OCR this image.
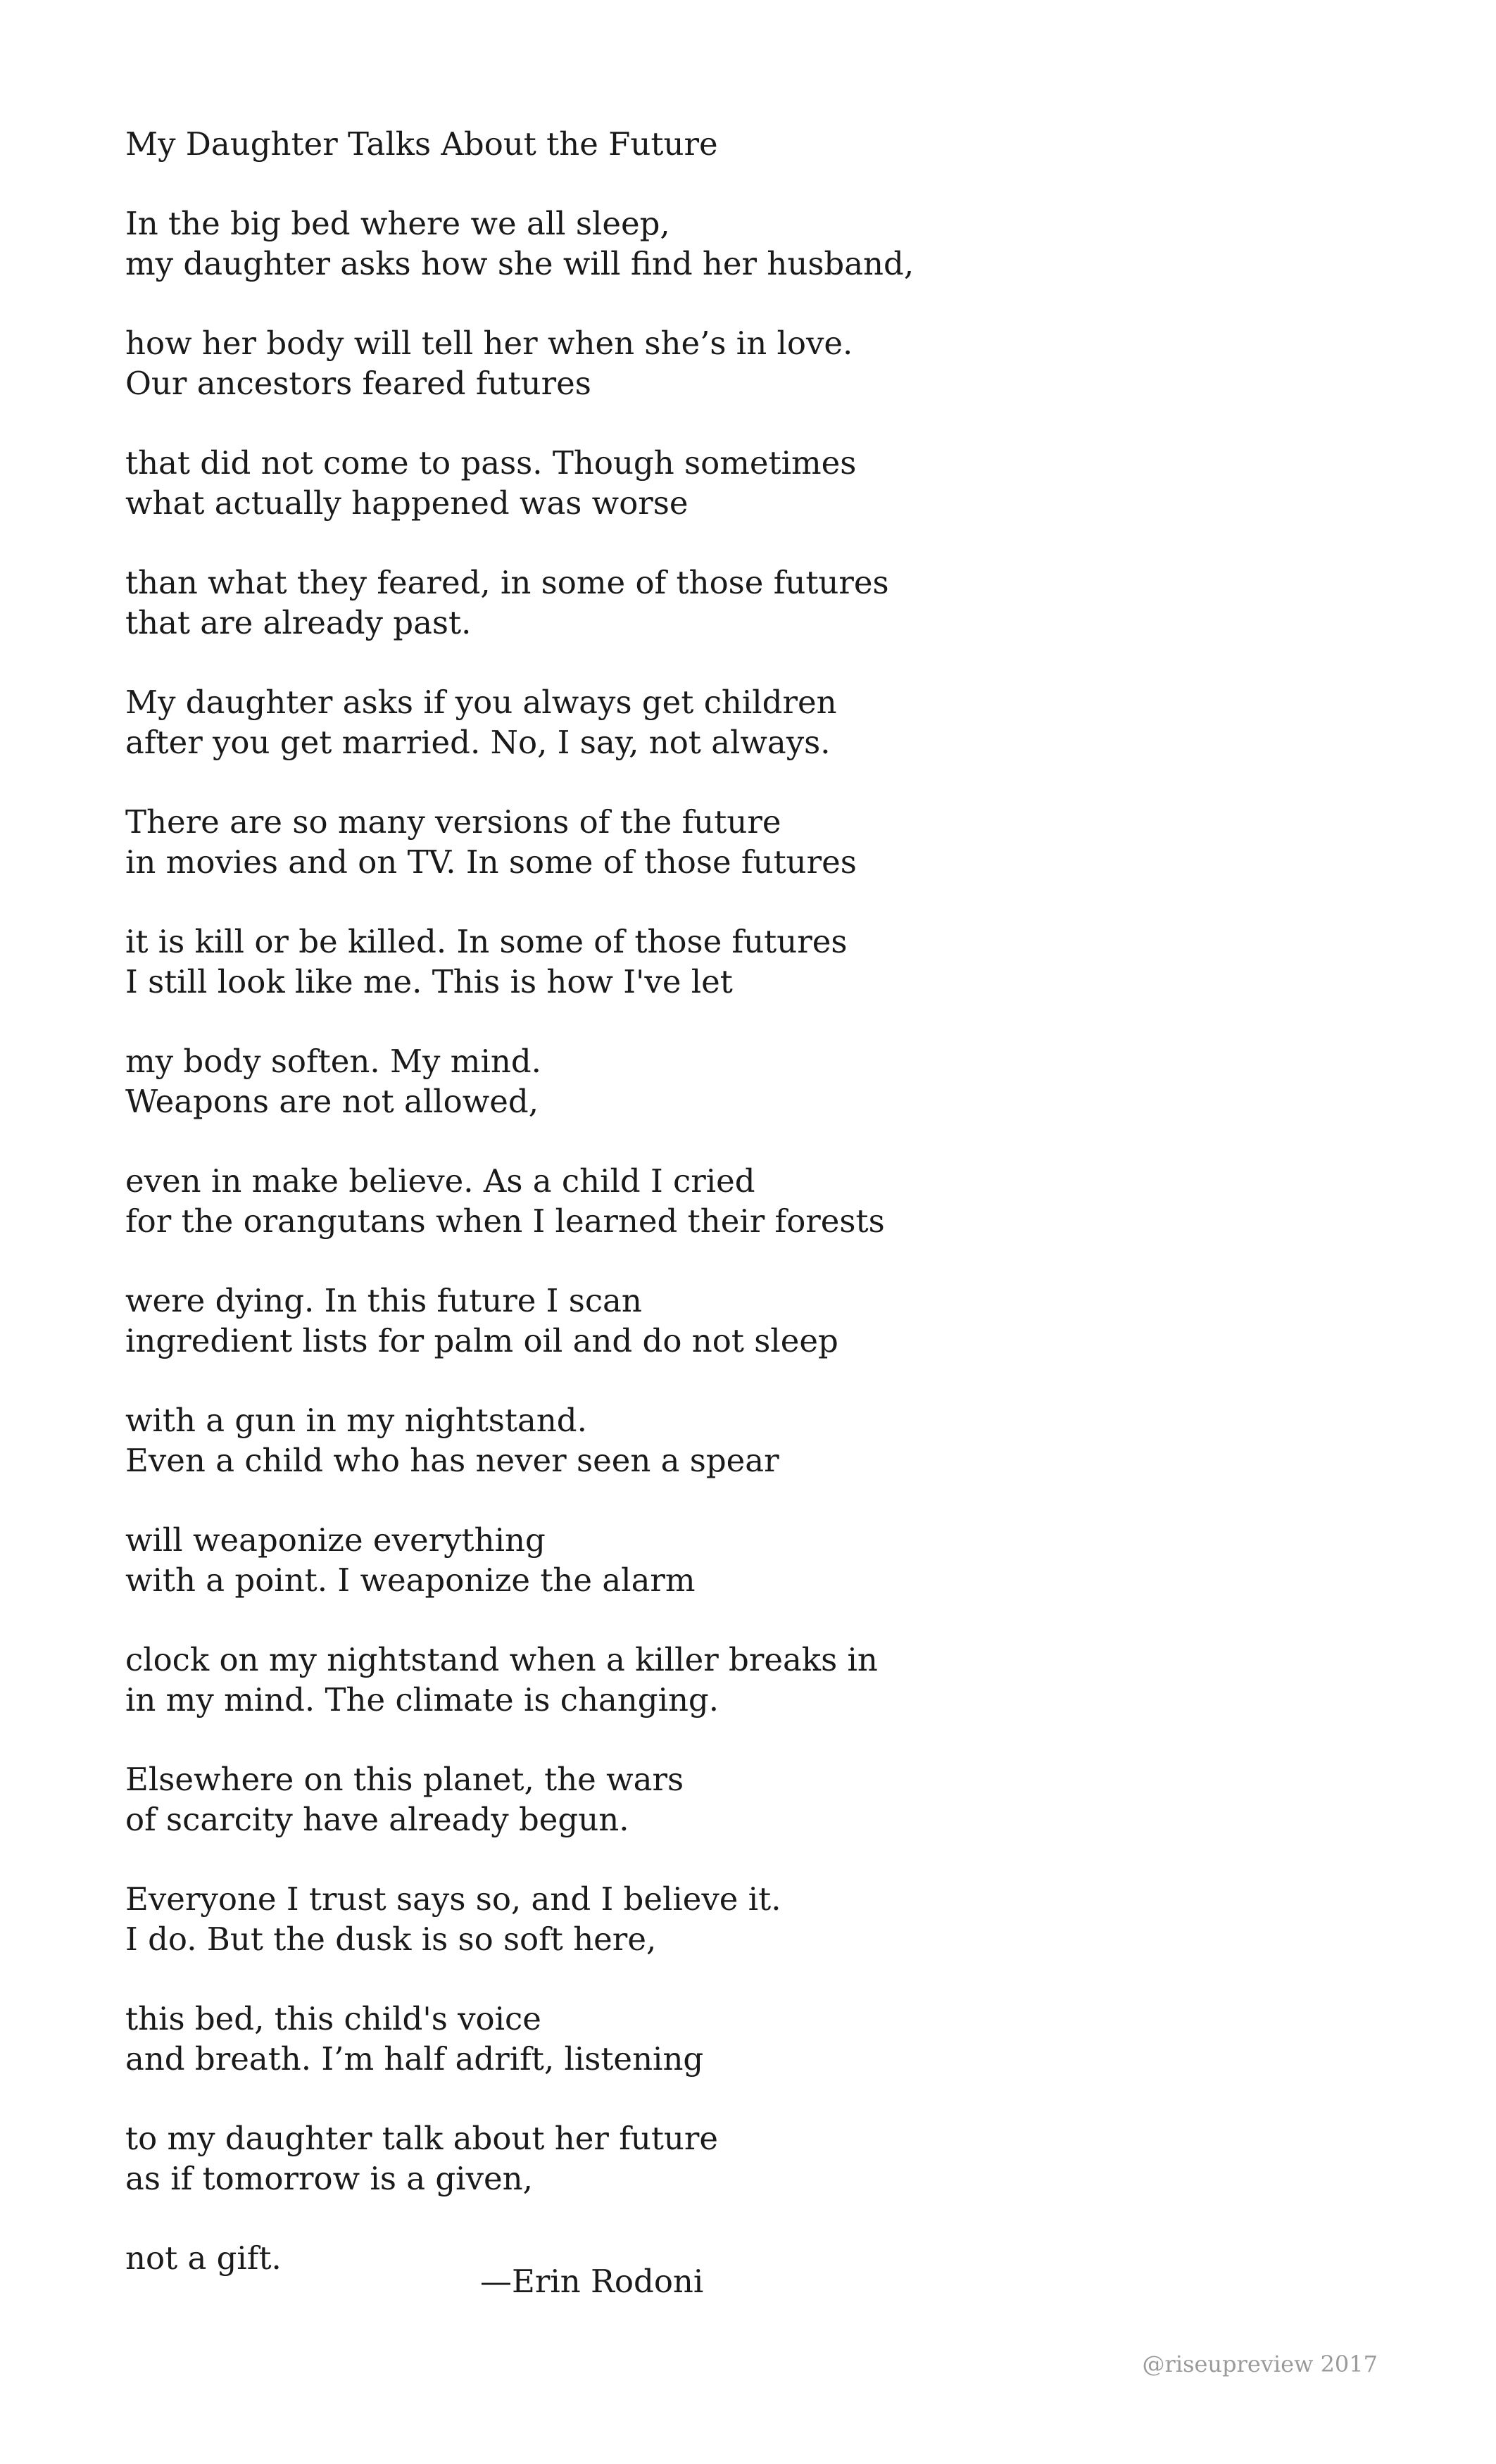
My Daughter Talks About the Future
In the big bed where we all sleep,
my daughter asks how she will find her husband,
how her body will tell her when she’s in love.
Our ancestors feared futures
that did not come to pass. Though sometimes
what actually happened was worse
than what they feared, in some of those futures
that are already past.
My daughter asks if you always get children
after you get married. No, I say, not always.
There are so many versions of the future
in movies and on TV. In some of those futures
it is kill or be killed. In some of those futures
I still look like me. This is how I've let
my body soften. My mind.
Weapons are not allowed,
even in make believe. As a child I cried
for the orangutans when I learned their forests
were dying. In this future I scan
ingredient lists for palm oil and do not sleep
with a gun in my nightstand.
Even a child who has never seen a spear
will weaponize everything
with a point. I weaponize the alarm
clock on my nightstand when a killer breaks in
in my mind. The climate is changing.
Elsewhere on this planet, the wars
of scarcity have already begun.
Everyone I trust says so, and I believe it.
I do. But the dusk is so soft here,
this bed, this child's voice
and breath. I’m half adrift, listening
to my daughter talk about her future
as if tomorrow is a given,
not a gift.
—Erin Rodoni
@riseupreview 2017
